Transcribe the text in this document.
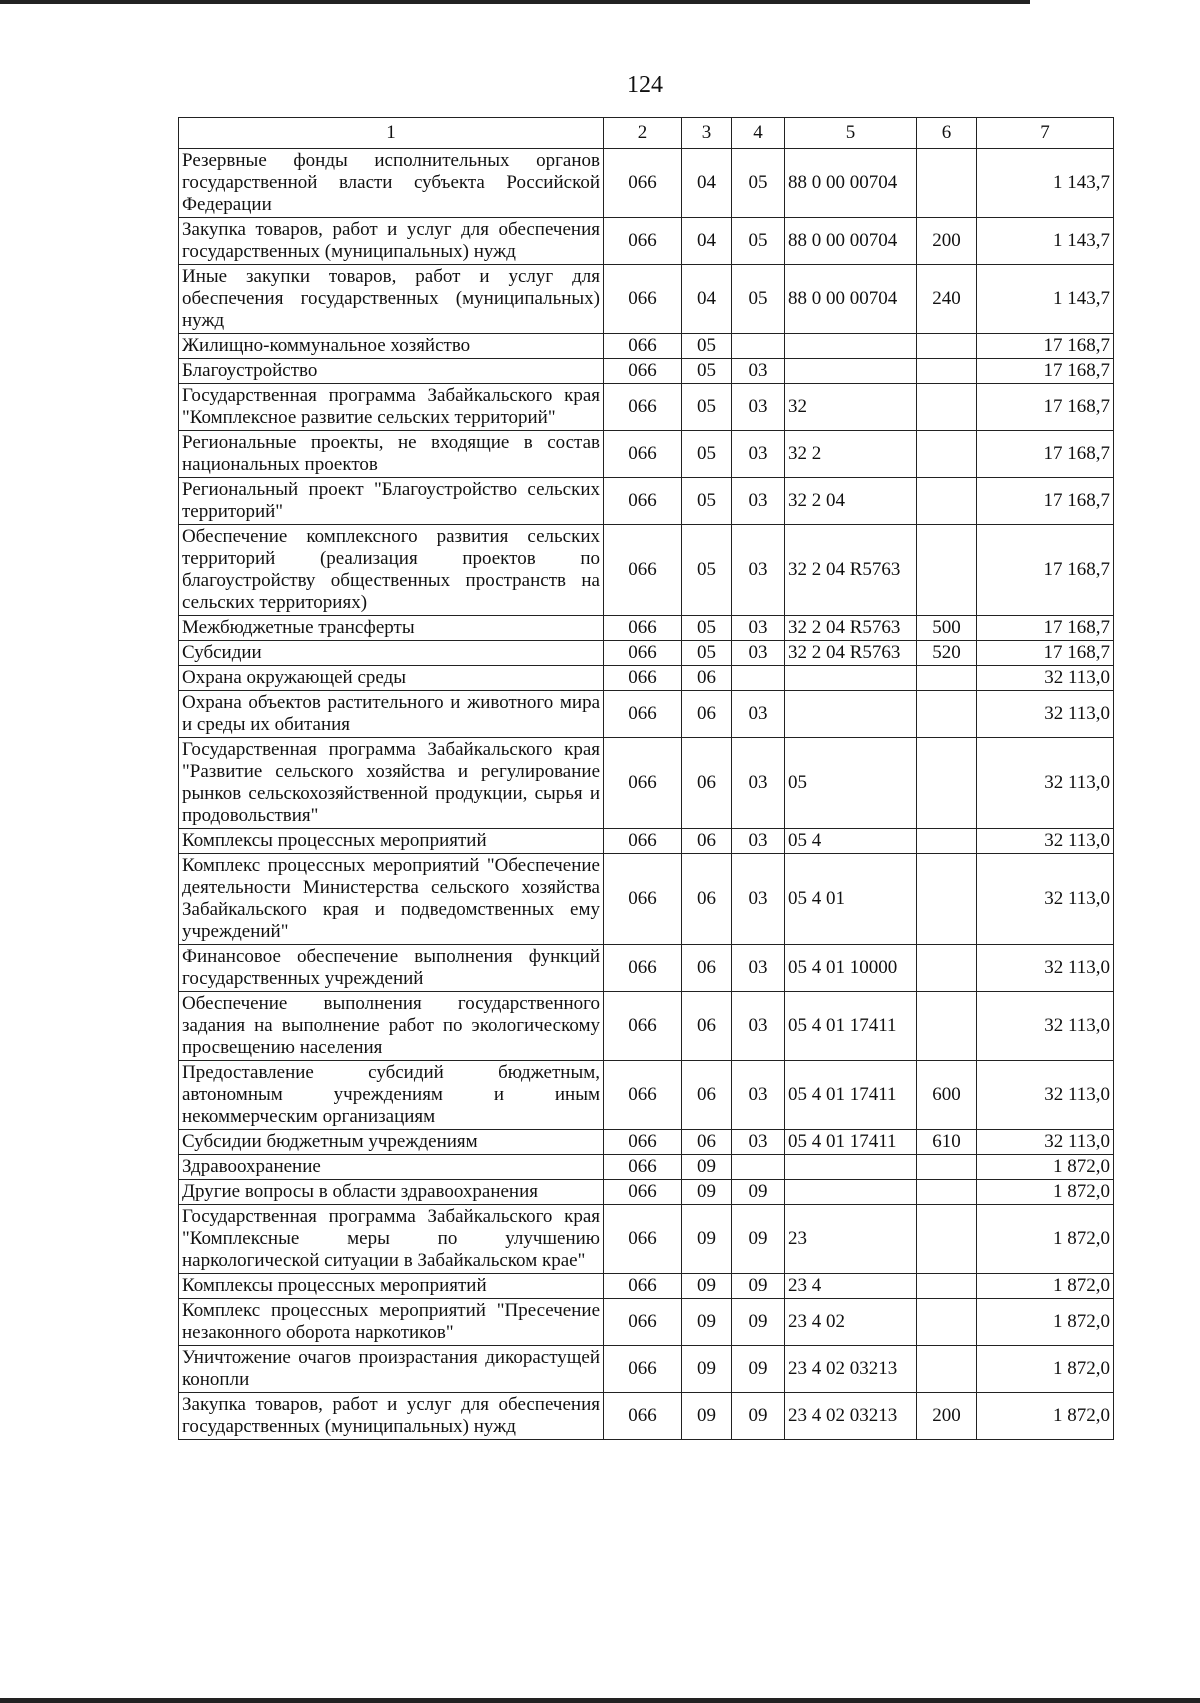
124
1	2	3	4	5	6	7
Резервные фонды исполнительных органов государственной власти субъекта Российской Федерации	066	04	05	88 0 00 00704		1 143,7
Закупка товаров, работ и услуг для обеспечения государственных (муниципальных) нужд	066	04	05	88 0 00 00704	200	1 143,7
Иные закупки товаров, работ и услуг для обеспечения государственных (муниципальных) нужд	066	04	05	88 0 00 00704	240	1 143,7
Жилищно-коммунальное хозяйство	066	05				17 168,7
Благоустройство	066	05	03			17 168,7
Государственная программа Забайкальского края "Комплексное развитие сельских территорий"	066	05	03	32		17 168,7
Региональные проекты, не входящие в состав национальных проектов	066	05	03	32 2		17 168,7
Региональный проект "Благоустройство сельских территорий"	066	05	03	32 2 04		17 168,7
Обеспечение комплексного развития сельских территорий (реализация проектов по благоустройству общественных пространств на сельских территориях)	066	05	03	32 2 04 R5763		17 168,7
Межбюджетные трансферты	066	05	03	32 2 04 R5763	500	17 168,7
Субсидии	066	05	03	32 2 04 R5763	520	17 168,7
Охрана окружающей среды	066	06				32 113,0
Охрана объектов растительного и животного мира и среды их обитания	066	06	03			32 113,0
Государственная программа Забайкальского края "Развитие сельского хозяйства и регулирование рынков сельскохозяйственной продукции, сырья и продовольствия"	066	06	03	05		32 113,0
Комплексы процессных мероприятий	066	06	03	05 4		32 113,0
Комплекс процессных мероприятий "Обеспечение деятельности Министерства сельского хозяйства Забайкальского края и подведомственных ему учреждений"	066	06	03	05 4 01		32 113,0
Финансовое обеспечение выполнения функций государственных учреждений	066	06	03	05 4 01 10000		32 113,0
Обеспечение выполнения государственного задания на выполнение работ по экологическому просвещению населения	066	06	03	05 4 01 17411		32 113,0
Предоставление субсидий бюджетным, автономным учреждениям и иным некоммерческим организациям	066	06	03	05 4 01 17411	600	32 113,0
Субсидии бюджетным учреждениям	066	06	03	05 4 01 17411	610	32 113,0
Здравоохранение	066	09				1 872,0
Другие вопросы в области здравоохранения	066	09	09			1 872,0
Государственная программа Забайкальского края "Комплексные меры по улучшению наркологической ситуации в Забайкальском крае"	066	09	09	23		1 872,0
Комплексы процессных мероприятий	066	09	09	23 4		1 872,0
Комплекс процессных мероприятий "Пресечение незаконного оборота наркотиков"	066	09	09	23 4 02		1 872,0
Уничтожение очагов произрастания дикорастущей конопли	066	09	09	23 4 02 03213		1 872,0
Закупка товаров, работ и услуг для обеспечения государственных (муниципальных) нужд	066	09	09	23 4 02 03213	200	1 872,0
